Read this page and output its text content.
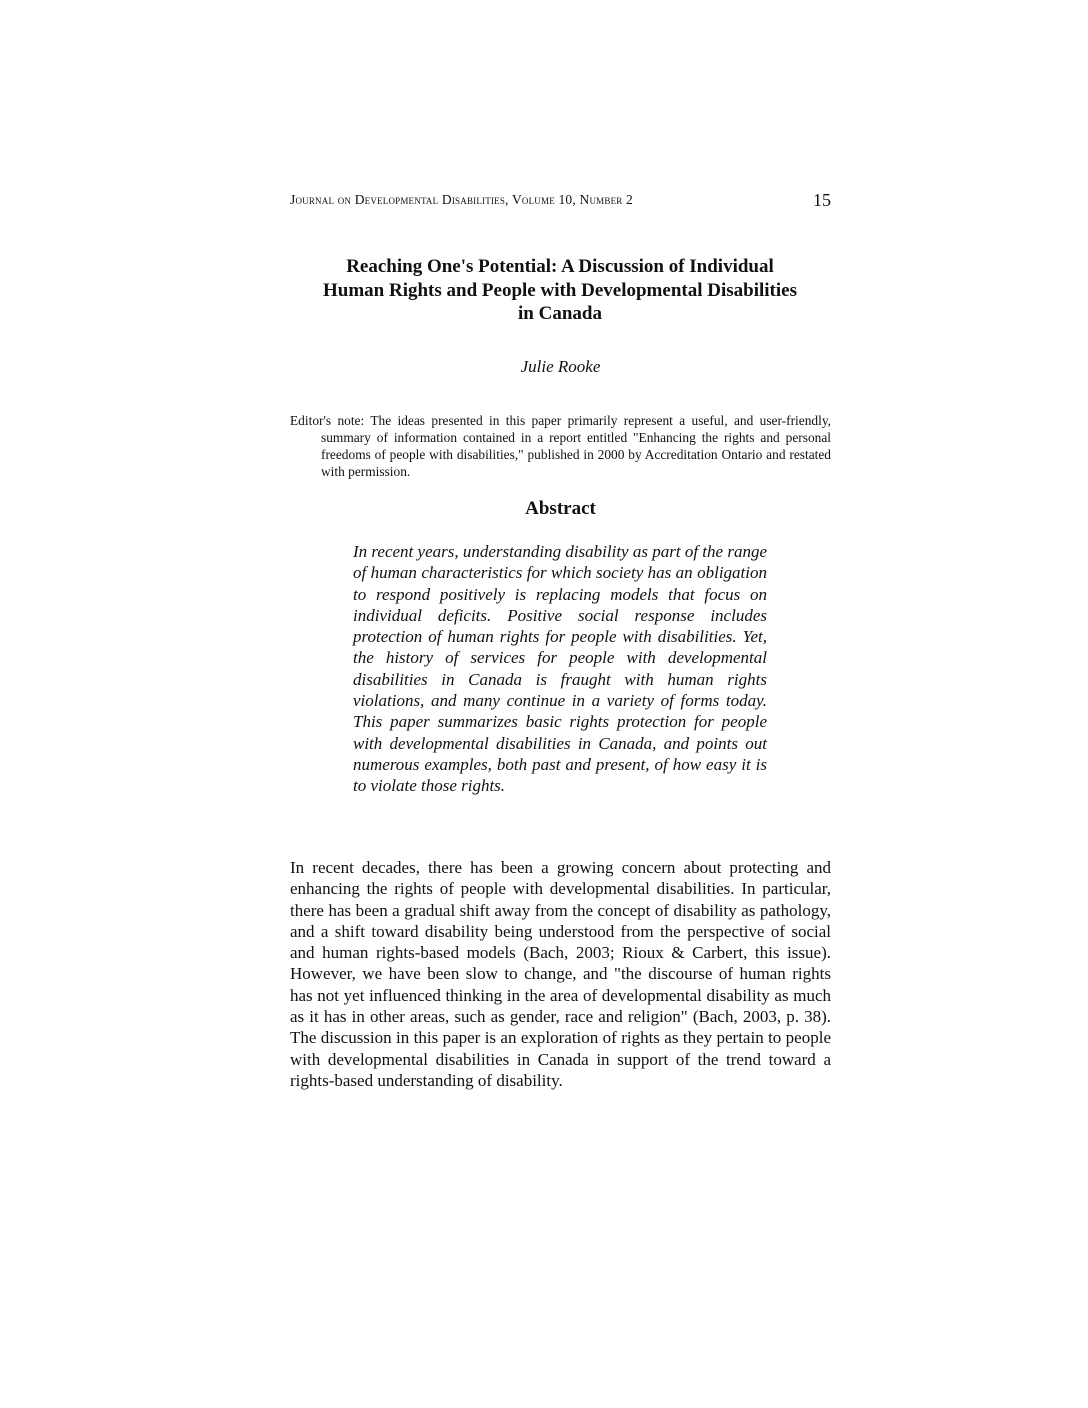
Journal on Developmental Disabilities, Volume 10, Number 2	15
Reaching One's Potential: A Discussion of Individual
Human Rights and People with Developmental Disabilities
in Canada
Julie Rooke

Editor's note: The ideas presented in this paper primarily represent a useful, and user-friendly, summary of information contained in a report entitled "Enhancing the rights and personal freedoms of people with disabilities," published in 2000 by Accreditation Ontario and restated with permission.

Abstract

In recent years, understanding disability as part of the range of human characteristics for which society has an obligation to respond positively is replacing models that focus on individual deficits. Positive social response includes protection of human rights for people with disabilities. Yet, the history of services for people with developmental disabilities in Canada is fraught with human rights violations, and many continue in a variety of forms today. This paper summarizes basic rights protection for people with developmental disabilities in Canada, and points out numerous examples, both past and present, of how easy it is to violate those rights.

In recent decades, there has been a growing concern about protecting and enhancing the rights of people with developmental disabilities. In particular, there has been a gradual shift away from the concept of disability as pathology, and a shift toward disability being understood from the perspective of social and human rights-based models (Bach, 2003; Rioux & Carbert, this issue). However, we have been slow to change, and "the discourse of human rights has not yet influenced thinking in the area of developmental disability as much as it has in other areas, such as gender, race and religion" (Bach, 2003, p. 38). The discussion in this paper is an exploration of rights as they pertain to people with developmental disabilities in Canada in support of the trend toward a rights-based understanding of disability.
